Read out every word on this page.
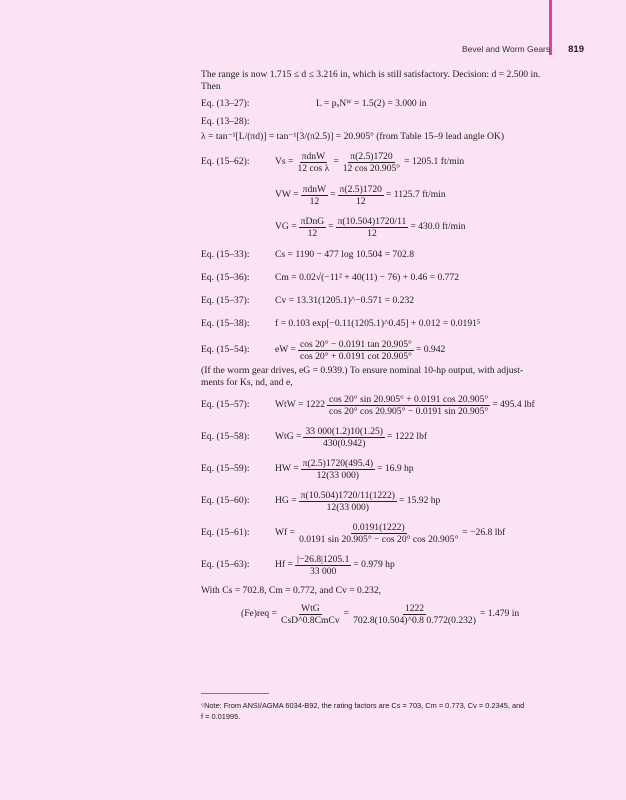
Bevel and Worm Gears 819

The range is now 1.715 ≤ d ≤ 3.216 in, which is still satisfactory. Decision: d = 2.500 in.

Then

Eq. (13–27):	L = pₓNᵂ = 1.5(2) = 3.000 in
Eq. (13–28):
λ = tan⁻¹[L/(πd)] = tan⁻¹[3/(π2.5)] = 20.905° (from Table 15–9 lead angle OK)
Eq. (15–62):	$Vs = \frac{\text{πdnW}}{\text{12 cos λ}} = \frac{\pi(2.5)1720}{12 \cos 20.905^\circ} = 1205.1$ ft/min
VW = $\frac{\text{πdnW}}{12} = \frac{\pi(2.5)1720}{12} = 1125.7$ ft/min
VG = $\frac{\text{πDnG}}{12} = \frac{\pi(10.504)1720/11}{12} = 430.0$ ft/min
Eq. (15–33):	Cs = 1190 − 477 log 10.504 = 702.8
Eq. (15–36):	Cm = 0.02√(−11² + 40(11) − 76) + 0.46 = 0.772
Eq. (15–37):	Cv = 13.31(1205.1)^−0.571 = 0.232
Eq. (15–38):	f = 0.103 exp[−0.11(1205.1)^0.45] + 0.012 = 0.0191⁵
Eq. (15–54):	eW = $\frac{\cos 20^\circ - 0.0191 \tan 20.905^\circ}{\cos 20^\circ + 0.0191 \cot 20.905^\circ} = 0.942$

(If the worm gear drives, eG = 0.939.) To ensure nominal 10-hp output, with adjust-

ments for Ks, nd, and e,

Eq. (15–57):	WtW = $1222 \frac{\cos 20^\circ \sin 20.905^\circ + 0.0191 \cos 20.905^\circ}{\cos 20^\circ \cos 20.905^\circ - 0.0191 \sin 20.905^\circ} = 495.4$ lbf
Eq. (15–58):	WtG = $\frac{33 000(1.2)10(1.25)}{430(0.942)} = 1222$ lbf
Eq. (15–59):	HW = $\frac{\pi(2.5)1720(495.4)}{12(33 000)} = 16.9$ hp
Eq. (15–60):	HG = $\frac{\pi(10.504)1720/11(1222)}{12(33 000)} = 15.92$ hp
Eq. (15–61):	$Wf = \frac{0.0191(1222)}{0.0191 \sin 20.905^\circ - \cos 20^\circ \cos 20.905^\circ} = -26.8$ lbf
Eq. (15–63):	$Hf = \frac{|-26.8|1205.1}{33 000} = 0.979$ hp

With Cs = 702.8, Cm = 0.772, and Cv = 0.232,

$(Fe)req = \frac{\text{WtG}}{\text{CsD\textasciicircum{}0.8CmCv}} = \frac{1222}{702.8(10.504)\^{}0.8 0.772(0.232)} = 1.479$ in
⁵Note: From ANSI/AGMA 6034-B92, the rating factors are Cs = 703, Cm = 0.773, Cv = 0.2345, and
f = 0.01995.
